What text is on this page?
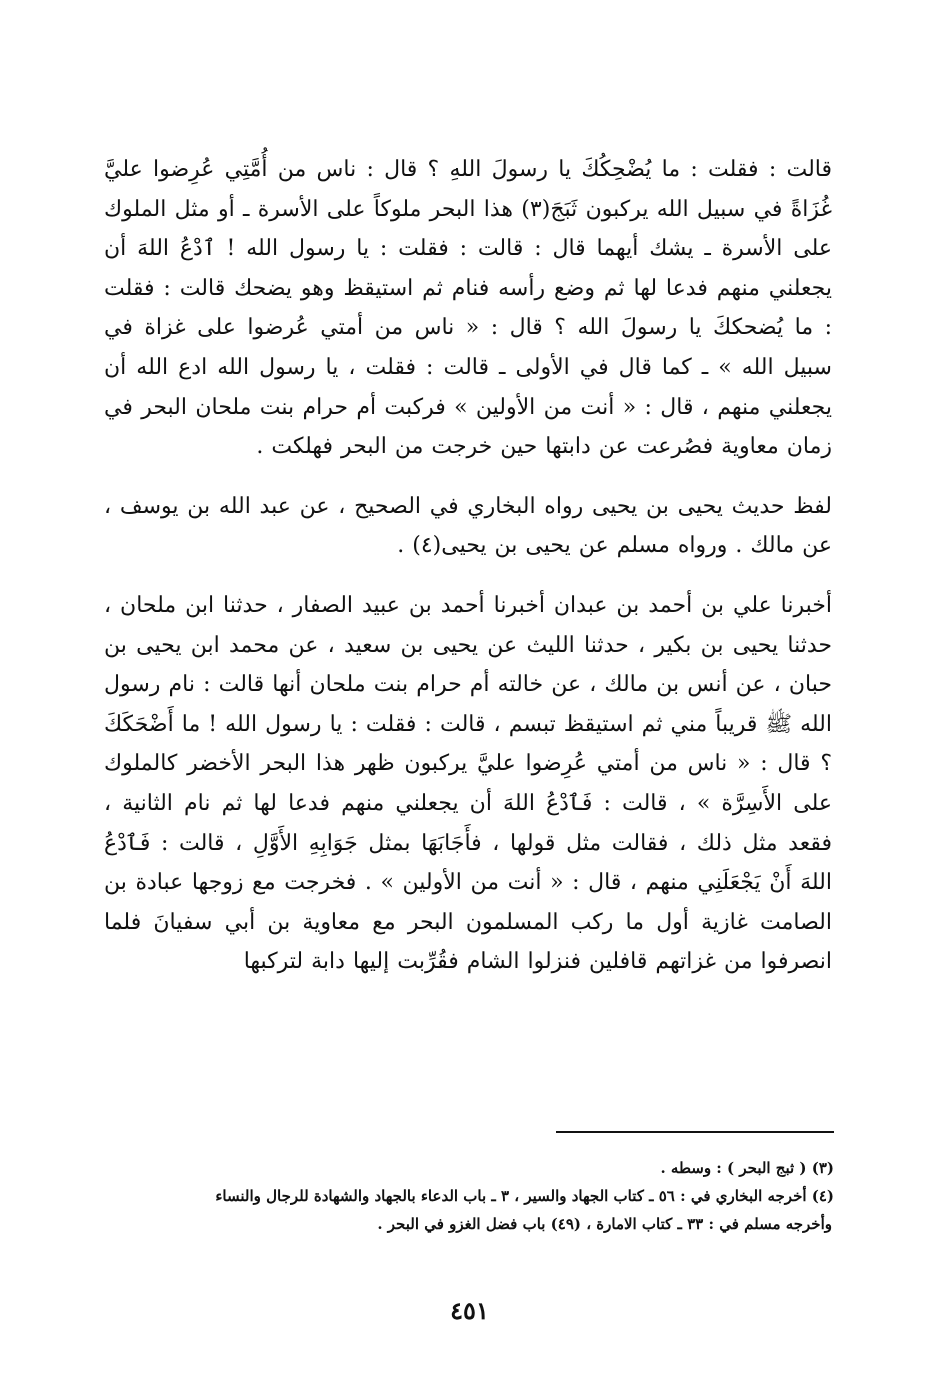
قالت : فقلت : ما يُضْحِكُكَ يا رسولَ اللهِ ؟ قال : ناس من أُمَّتِي عُرِضوا عليَّ غُزَاةً في سبيل الله يركبون ثَبَجَ(٣) هذا البحر ملوكاً على الأسرة ـ أو مثل الملوك على الأسرة ـ يشك أيهما قال : قالت : فقلت : يا رسول الله ! ٱدْعُ اللهَ أن يجعلني منهم فدعا لها ثم وضع رأسه فنام ثم استيقظ وهو يضحك قالت : فقلت : ما يُضحككَ يا رسولَ الله ؟ قال : « ناس من أمتي عُرضوا على غزاة في سبيل الله » ـ كما قال في الأولى ـ قالت : فقلت ، يا رسول الله ادع الله أن يجعلني منهم ، قال : « أنت من الأولين » فركبت أم حرام بنت ملحان البحر في زمان معاوية فصُرعت عن دابتها حين خرجت من البحر فهلكت .

لفظ حديث يحيى بن يحيى رواه البخاري في الصحيح ، عن عبد الله بن يوسف ، عن مالك . ورواه مسلم عن يحيى بن يحيى(٤) .

أخبرنا علي بن أحمد بن عبدان أخبرنا أحمد بن عبيد الصفار ، حدثنا ابن ملحان ، حدثنا يحيى بن بكير ، حدثنا الليث عن يحيى بن سعيد ، عن محمد ابن يحيى بن حبان ، عن أنس بن مالك ، عن خالته أم حرام بنت ملحان أنها قالت : نام رسول الله ﷺ قريباً مني ثم استيقظ تبسم ، قالت : فقلت : يا رسول الله ! ما أَضْحَكَكَ ؟ قال : « ناس من أمتي عُرِضوا عليَّ يركبون ظهر هذا البحر الأخضر كالملوك على الأَسِرَّة » ، قالت : فَٱدْعُ اللهَ أن يجعلني منهم فدعا لها ثم نام الثانية ، فقعد مثل ذلك ، فقالت مثل قولها ، فأَجَابَهَا بمثل جَوَابِهِ الأَوَّلِ ، قالت : فَٱدْعُ اللهَ أَنْ يَجْعَلَنِي منهم ، قال : « أنت من الأولين » . فخرجت مع زوجها عبادة بن الصامت غازية أول ما ركب المسلمون البحر مع معاوية بن أبي سفيانَ فلما انصرفوا من غزاتهم قافلين فنزلوا الشام فقُرِّبت إليها دابة لتركبها

(٣) ( ثبج البحر ) : وسطه .
(٤) أخرجه البخاري في : ٥٦ ـ كتاب الجهاد والسير ، ٣ ـ باب الدعاء بالجهاد والشهادة للرجال والنساء
وأخرجه مسلم في : ٣٣ ـ كتاب الامارة ، (٤٩) باب فضل الغزو في البحر .
٤٥١
